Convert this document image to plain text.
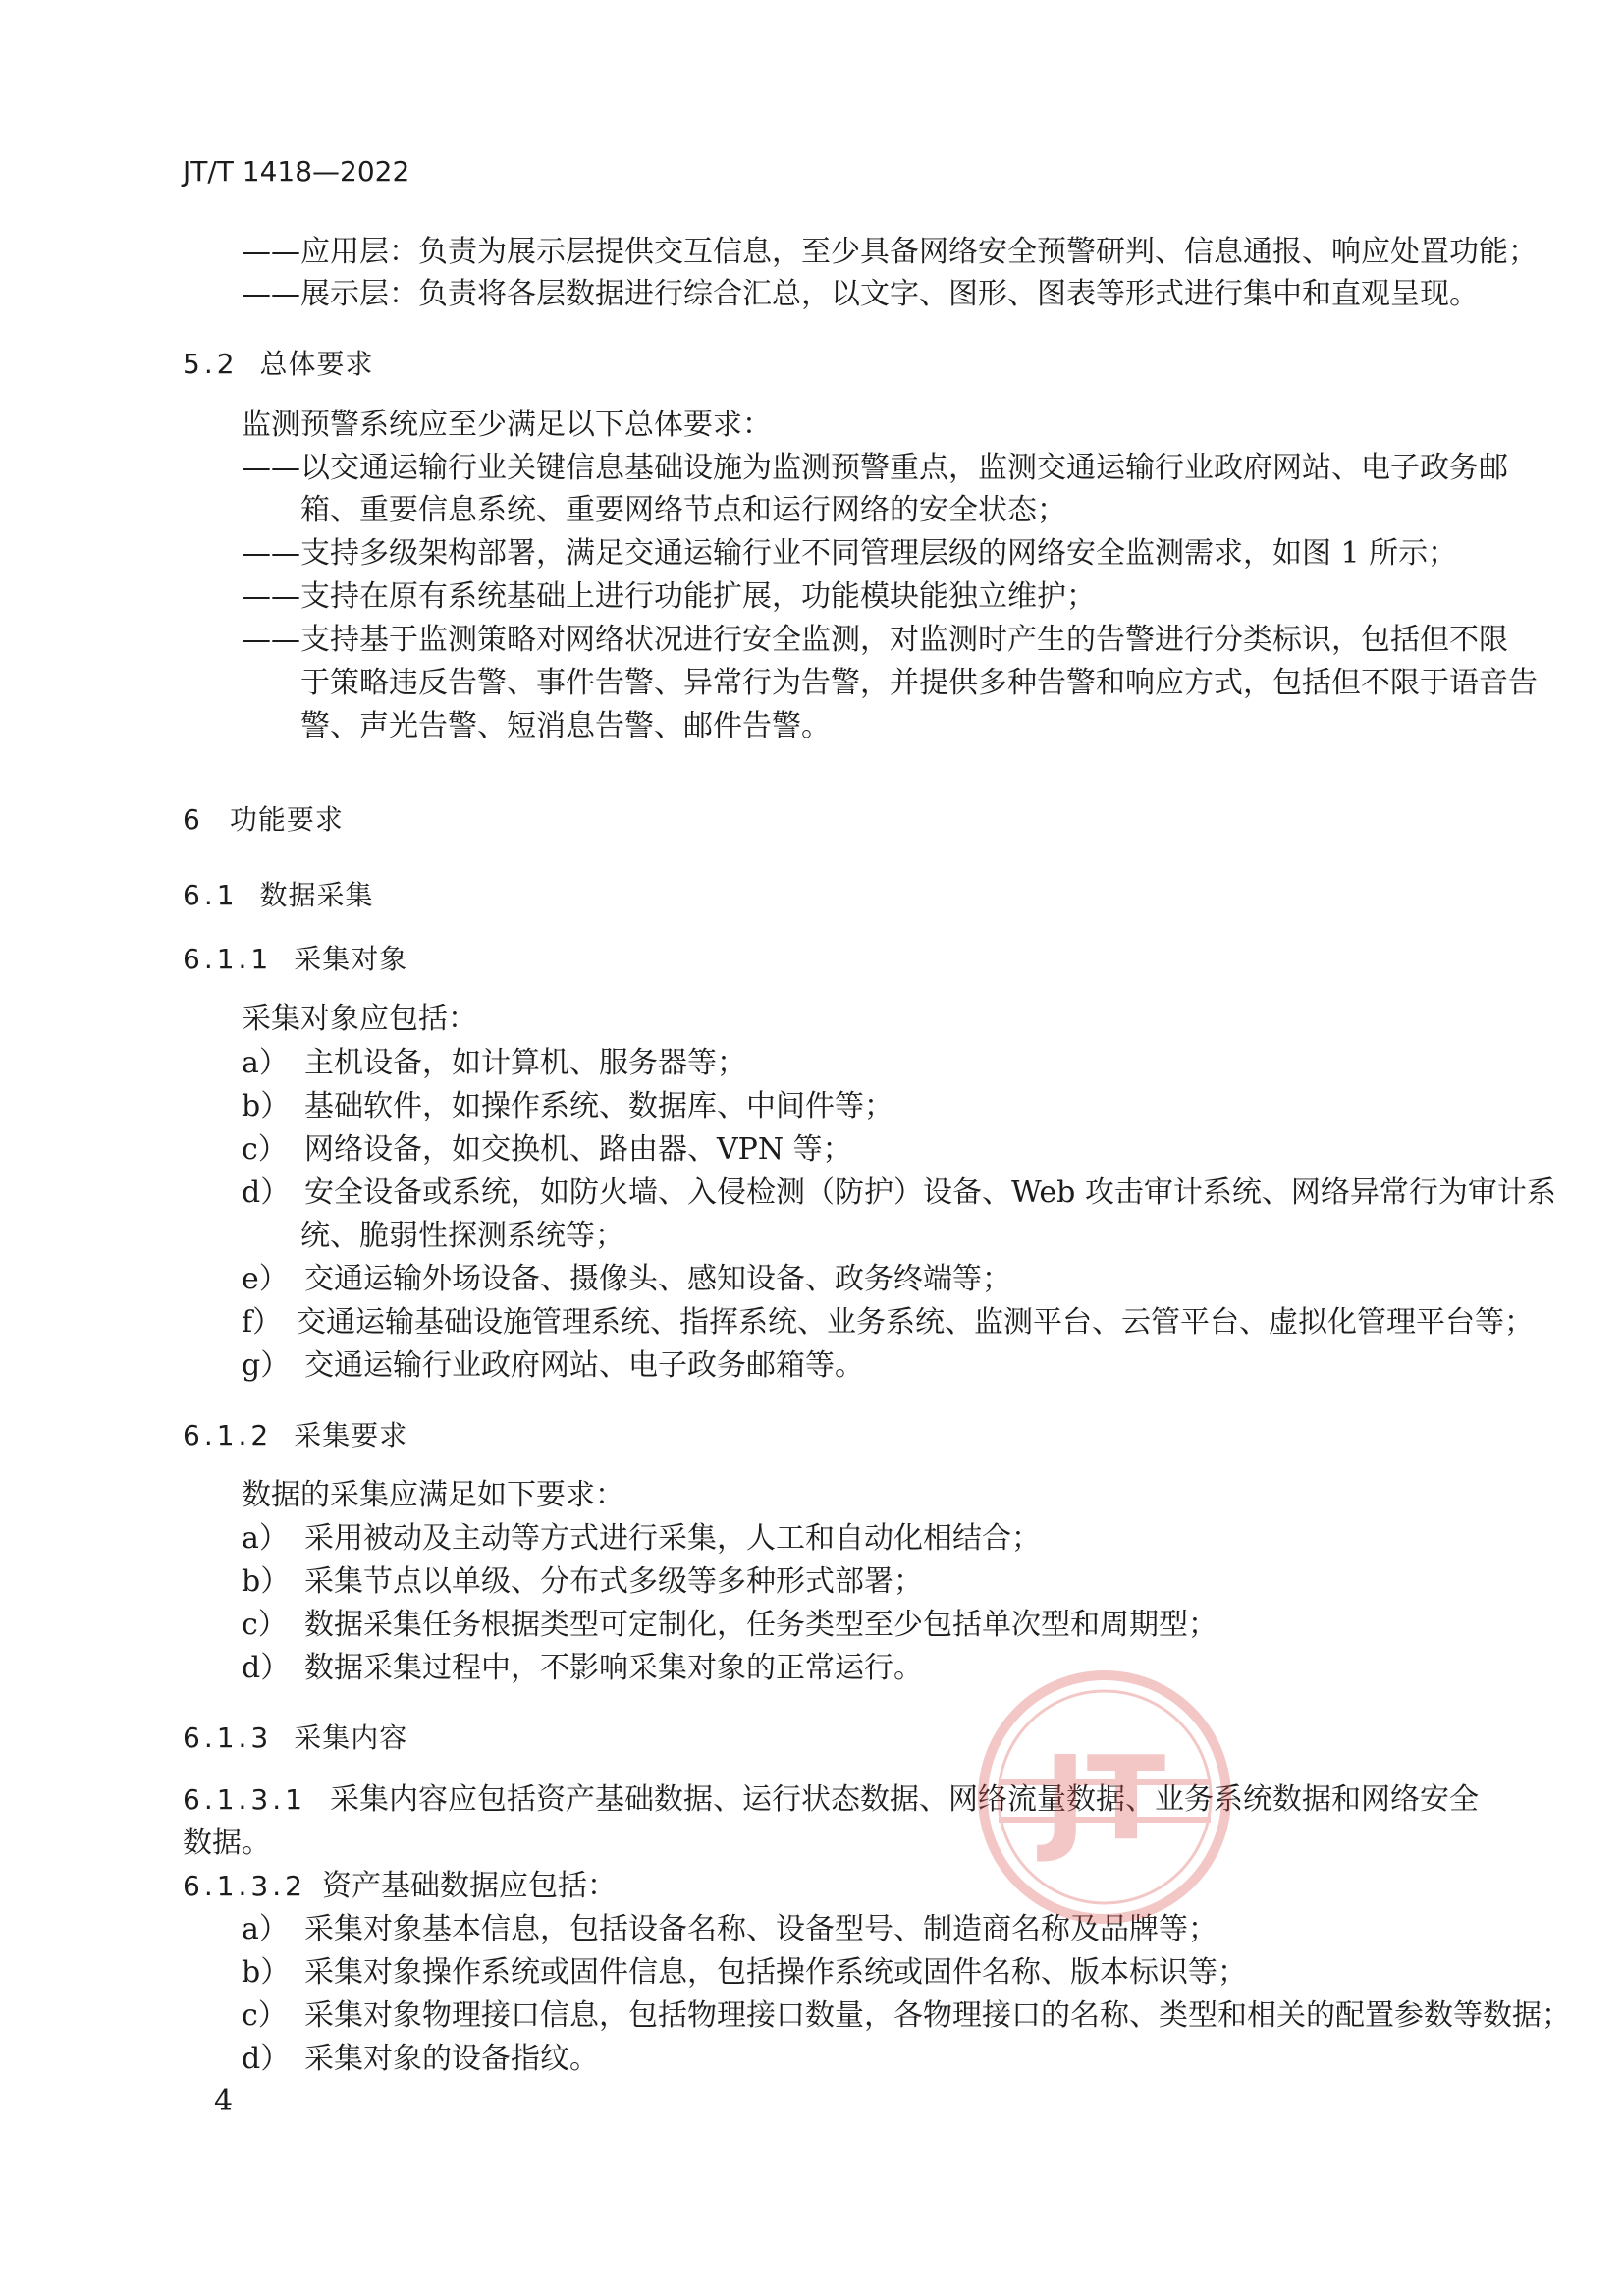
JT/T 1418—2022
——应用层：负责为展示层提供交互信息，至少具备网络安全预警研判、信息通报、响应处置功能；
——展示层：负责将各层数据进行综合汇总，以文字、图形、图表等形式进行集中和直观呈现。
5.2 总体要求
监测预警系统应至少满足以下总体要求：
——以交通运输行业关键信息基础设施为监测预警重点，监测交通运输行业政府网站、电子政务邮
箱、重要信息系统、重要网络节点和运行网络的安全状态；
——支持多级架构部署，满足交通运输行业不同管理层级的网络安全监测需求，如图 1 所示；
——支持在原有系统基础上进行功能扩展，功能模块能独立维护；
——支持基于监测策略对网络状况进行安全监测，对监测时产生的告警进行分类标识，包括但不限
于策略违反告警、事件告警、异常行为告警，并提供多种告警和响应方式，包括但不限于语音告
警、声光告警、短消息告警、邮件告警。
6 功能要求
6.1 数据采集
6.1.1 采集对象
采集对象应包括：
a） 主机设备，如计算机、服务器等；
b） 基础软件，如操作系统、数据库、中间件等；
c） 网络设备，如交换机、路由器、VPN 等；
d） 安全设备或系统，如防火墙、入侵检测（防护）设备、Web 攻击审计系统、网络异常行为审计系
统、脆弱性探测系统等；
e） 交通运输外场设备、摄像头、感知设备、政务终端等；
f） 交通运输基础设施管理系统、指挥系统、业务系统、监测平台、云管平台、虚拟化管理平台等；
g） 交通运输行业政府网站、电子政务邮箱等。
6.1.2 采集要求
数据的采集应满足如下要求：
a） 采用被动及主动等方式进行采集，人工和自动化相结合；
b） 采集节点以单级、分布式多级等多种形式部署；
c） 数据采集任务根据类型可定制化，任务类型至少包括单次型和周期型；
d） 数据采集过程中，不影响采集对象的正常运行。
6.1.3 采集内容
6.1.3.1 采集内容应包括资产基础数据、运行状态数据、网络流量数据、业务系统数据和网络安全
数据。
6.1.3.2 资产基础数据应包括：
a） 采集对象基本信息，包括设备名称、设备型号、制造商名称及品牌等；
b） 采集对象操作系统或固件信息，包括操作系统或固件名称、版本标识等；
c） 采集对象物理接口信息，包括物理接口数量，各物理接口的名称、类型和相关的配置参数等数据；
d） 采集对象的设备指纹。
4
JT
